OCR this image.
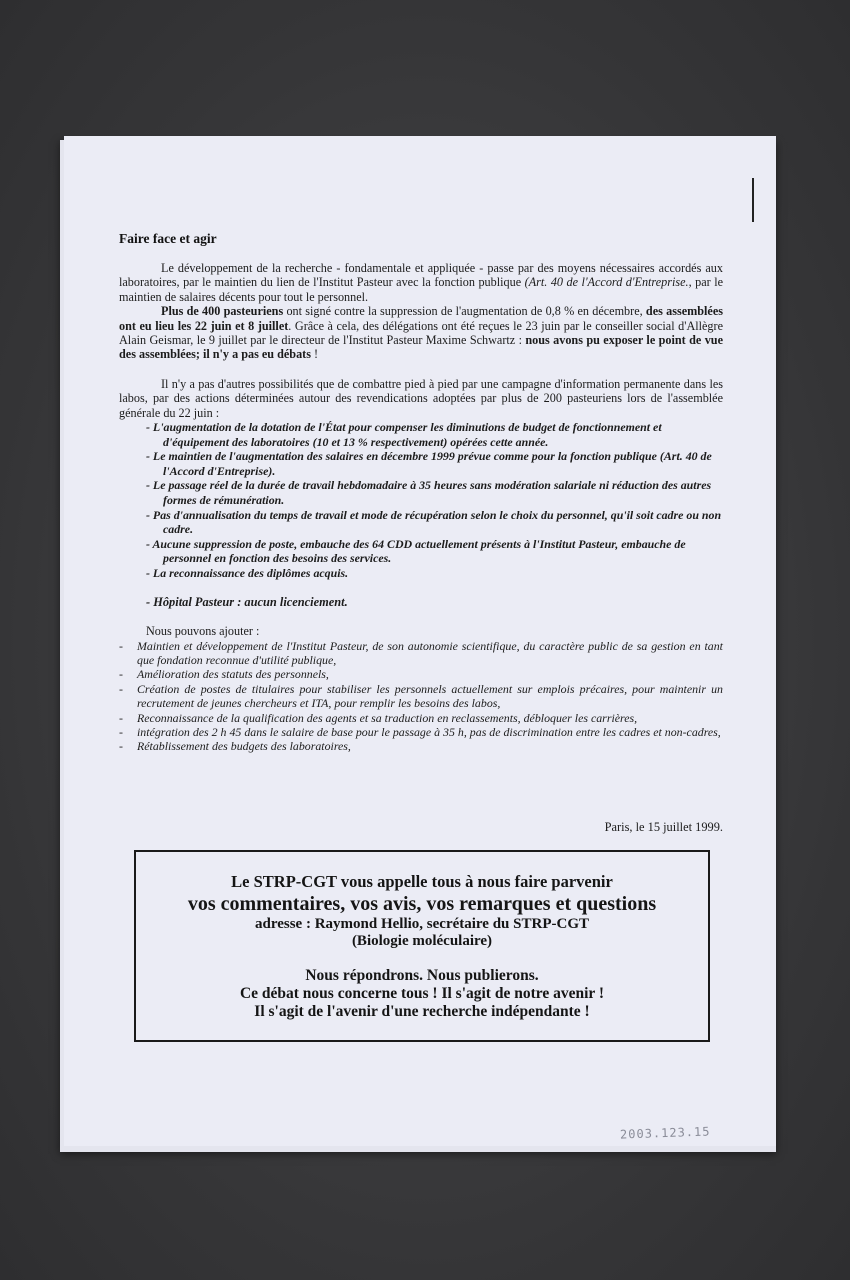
Faire face et agir

Le développement de la recherche - fondamentale et appliquée - passe par des moyens nécessaires accordés aux laboratoires, par le maintien du lien de l'Institut Pasteur avec la fonction publique (Art. 40 de l'Accord d'Entreprise., par le maintien de salaires décents pour tout le personnel.

Plus de 400 pasteuriens ont signé contre la suppression de l'augmentation de 0,8 % en décembre, des assemblées ont eu lieu les 22 juin et 8 juillet. Grâce à cela, des délégations ont été reçues le 23 juin par le conseiller social d'Allègre Alain Geismar, le 9 juillet par le directeur de l'Institut Pasteur Maxime Schwartz : nous avons pu exposer le point de vue des assemblées; il n'y a pas eu débats !

Il n'y a pas d'autres possibilités que de combattre pied à pied par une campagne d'information permanente dans les labos, par des actions déterminées autour des revendications adoptées par plus de 200 pasteuriens lors de l'assemblée générale du 22 juin :

- L'augmentation de la dotation de l'État pour compenser les diminutions de budget de fonctionnement et d'équipement des laboratoires (10 et 13 % respectivement) opérées cette année.
- Le maintien de l'augmentation des salaires en décembre 1999 prévue comme pour la fonction publique (Art. 40 de l'Accord d'Entreprise).
- Le passage réel de la durée de travail hebdomadaire à 35 heures sans modération salariale ni réduction des autres formes de rémunération.
- Pas d'annualisation du temps de travail et mode de récupération selon le choix du personnel, qu'il soit cadre ou non cadre.
- Aucune suppression de poste, embauche des 64 CDD actuellement présents à l'Institut Pasteur, embauche de personnel en fonction des besoins des services.
- La reconnaissance des diplômes acquis.
- Hôpital Pasteur : aucun licenciement.

Nous pouvons ajouter :

- Maintien et développement de l'Institut Pasteur, de son autonomie scientifique, du caractère public de sa gestion en tant que fondation reconnue d'utilité publique,
- Amélioration des statuts des personnels,
- Création de postes de titulaires pour stabiliser les personnels actuellement sur emplois précaires, pour maintenir un recrutement de jeunes chercheurs et ITA, pour remplir les besoins des labos,
- Reconnaissance de la qualification des agents et sa traduction en reclassements, débloquer les carrières,
- intégration des 2 h 45 dans le salaire de base pour le passage à 35 h, pas de discrimination entre les cadres et non-cadres,
- Rétablissement des budgets des laboratoires,
Paris, le 15 juillet 1999.
Le STRP-CGT vous appelle tous à nous faire parvenir
vos commentaires, vos avis, vos remarques et questions
adresse : Raymond Hellio, secrétaire du STRP-CGT
(Biologie moléculaire)
Nous répondrons. Nous publierons.
Ce débat nous concerne tous ! Il s'agit de notre avenir !
Il s'agit de l'avenir d'une recherche indépendante !
2003.123.15
